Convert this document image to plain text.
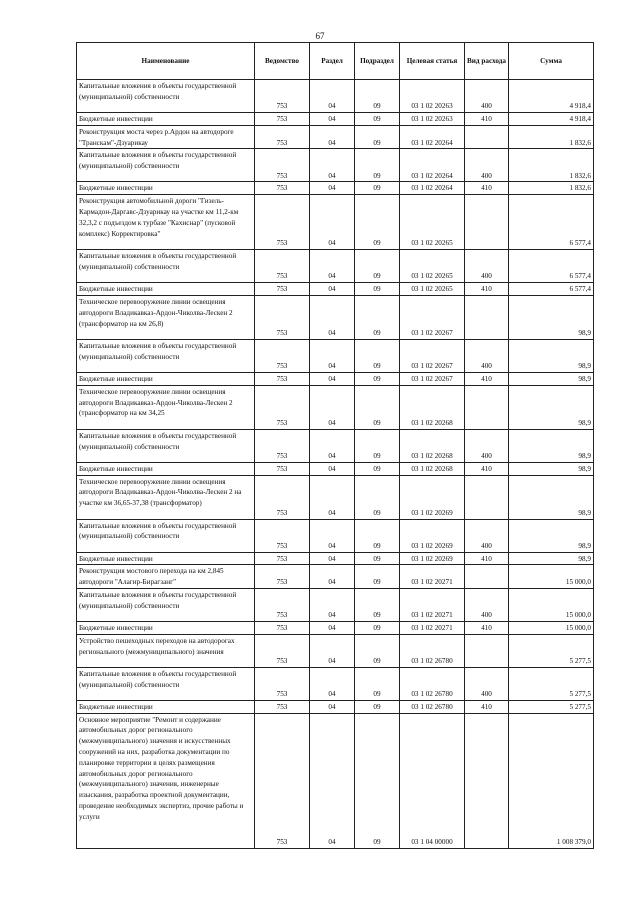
67
Наименование	Ведомство	Раздел	Подраздел	Целевая статья	Вид расхода	Сумма
Капитальные вложения в объекты государственной (муниципальной) собственности	753	04	09	03 1 02 20263	400	4 918,4
Бюджетные инвестиции	753	04	09	03 1 02 20263	410	4 918,4
Реконструкция моста через р.Ардон на автодороге "Транскам"-Дзуарикау	753	04	09	03 1 02 20264		1 832,6
Капитальные вложения в объекты государственной (муниципальной) собственности	753	04	09	03 1 02 20264	400	1 832,6
Бюджетные инвестиции	753	04	09	03 1 02 20264	410	1 832,6
Реконструкция автомобильной дороги "Гизель-Кармадон-Даргавс-Дзуарикау на участке км 11,2-км 32,3,2 с подъездом к турбазе "Кахиснар" (пусковой комплекс) Корректировка"	753	04	09	03 1 02 20265		6 577,4
Капитальные вложения в объекты государственной (муниципальной) собственности	753	04	09	03 1 02 20265	400	6 577,4
Бюджетные инвестиции	753	04	09	03 1 02 20265	410	6 577,4
Техническое перевооружение линии освещения автодороги Владикавказ-Ардон-Чиколва-Лескен 2 (трансформатор на км 26,8)	753	04	09	03 1 02 20267		98,9
Капитальные вложения в объекты государственной (муниципальной) собственности	753	04	09	03 1 02 20267	400	98,9
Бюджетные инвестиции	753	04	09	03 1 02 20267	410	98,9
Техническое перевооружение линии освещения автодороги Владикавказ-Ардон-Чиколва-Лескен 2 (трансформатор на км 34,25	753	04	09	03 1 02 20268		98,9
Капитальные вложения в объекты государственной (муниципальной) собственности	753	04	09	03 1 02 20268	400	98,9
Бюджетные инвестиции	753	04	09	03 1 02 20268	410	98,9
Техническое перевооружение линии освещения автодороги Владикавказ-Ардон-Чиколва-Лескен 2 на участке км 36,65-37,38 (трансформатор)	753	04	09	03 1 02 20269		98,9
Капитальные вложения в объекты государственной (муниципальной) собственности	753	04	09	03 1 02 20269	400	98,9
Бюджетные инвестиции	753	04	09	03 1 02 20269	410	98,9
Реконструкция мостового перехода на км 2,845 автодороги "Алагир-Бирагзанг"	753	04	09	03 1 02 20271		15 000,0
Капитальные вложения в объекты государственной (муниципальной) собственности	753	04	09	03 1 02 20271	400	15 000,0
Бюджетные инвестиции	753	04	09	03 1 02 20271	410	15 000,0
Устройство пешеходных переходов на автодорогах регионального (межмуниципального) значения	753	04	09	03 1 02 26780		5 277,5
Капитальные вложения в объекты государственной (муниципальной) собственности	753	04	09	03 1 02 26780	400	5 277,5
Бюджетные инвестиции	753	04	09	03 1 02 26780	410	5 277,5
Основное мероприятие "Ремонт и содержание автомобильных дорог регионального (межмуниципального) значения и искусственных сооружений на них, разработка документации по планировке территории в целях размещения автомобильных дорог регионального (межмуниципального) значения, инженерные изыскания, разработка проектной документации, проведение необходимых экспертиз, прочие работы и услуги	753	04	09	03 1 04 00000		1 008 379,0
